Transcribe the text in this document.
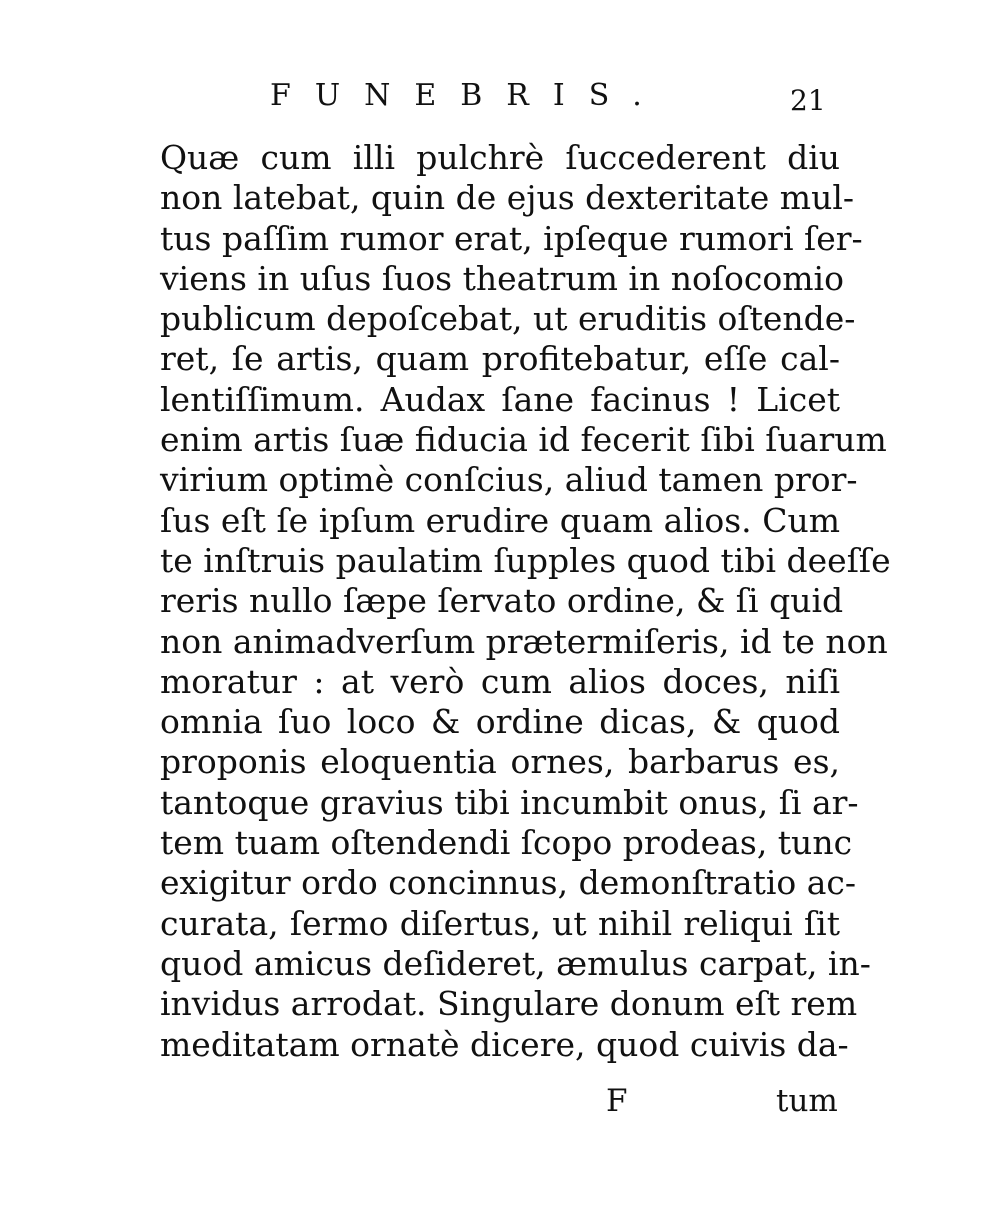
FUNEBRIS.	21
Quæ cum illi pulchrè ſuccederent diu
non latebat, quin de ejus dexteritate mul-
tus paſſim rumor erat, ipſeque rumori ſer-
viens in uſus ſuos theatrum in noſocomio
publicum depoſcebat, ut eruditis oſtende-
ret, ſe artis, quam profitebatur, eſſe cal-
lentiſſimum. Audax ſane facinus ! Licet
enim artis ſuæ fiducia id fecerit ſibi ſuarum
virium optimè conſcius, aliud tamen pror-
ſus eſt ſe ipſum erudire quam alios. Cum
te inſtruis paulatim ſupples quod tibi deeſſe
reris nullo ſæpe ſervato ordine, & ſi quid
non animadverſum prætermiſeris, id te non
moratur : at verò cum alios doces, niſi
omnia ſuo loco & ordine dicas, & quod
proponis eloquentia ornes, barbarus es,
tantoque gravius tibi incumbit onus, ſi ar-
tem tuam oſtendendi ſcopo prodeas, tunc
exigitur ordo concinnus, demonſtratio ac-
curata, ſermo diſertus, ut nihil reliqui ſit
quod amicus deſideret, æmulus carpat, in-
invidus arrodat. Singulare donum eſt rem
meditatam ornatè dicere, quod cuivis da-
F	tum
